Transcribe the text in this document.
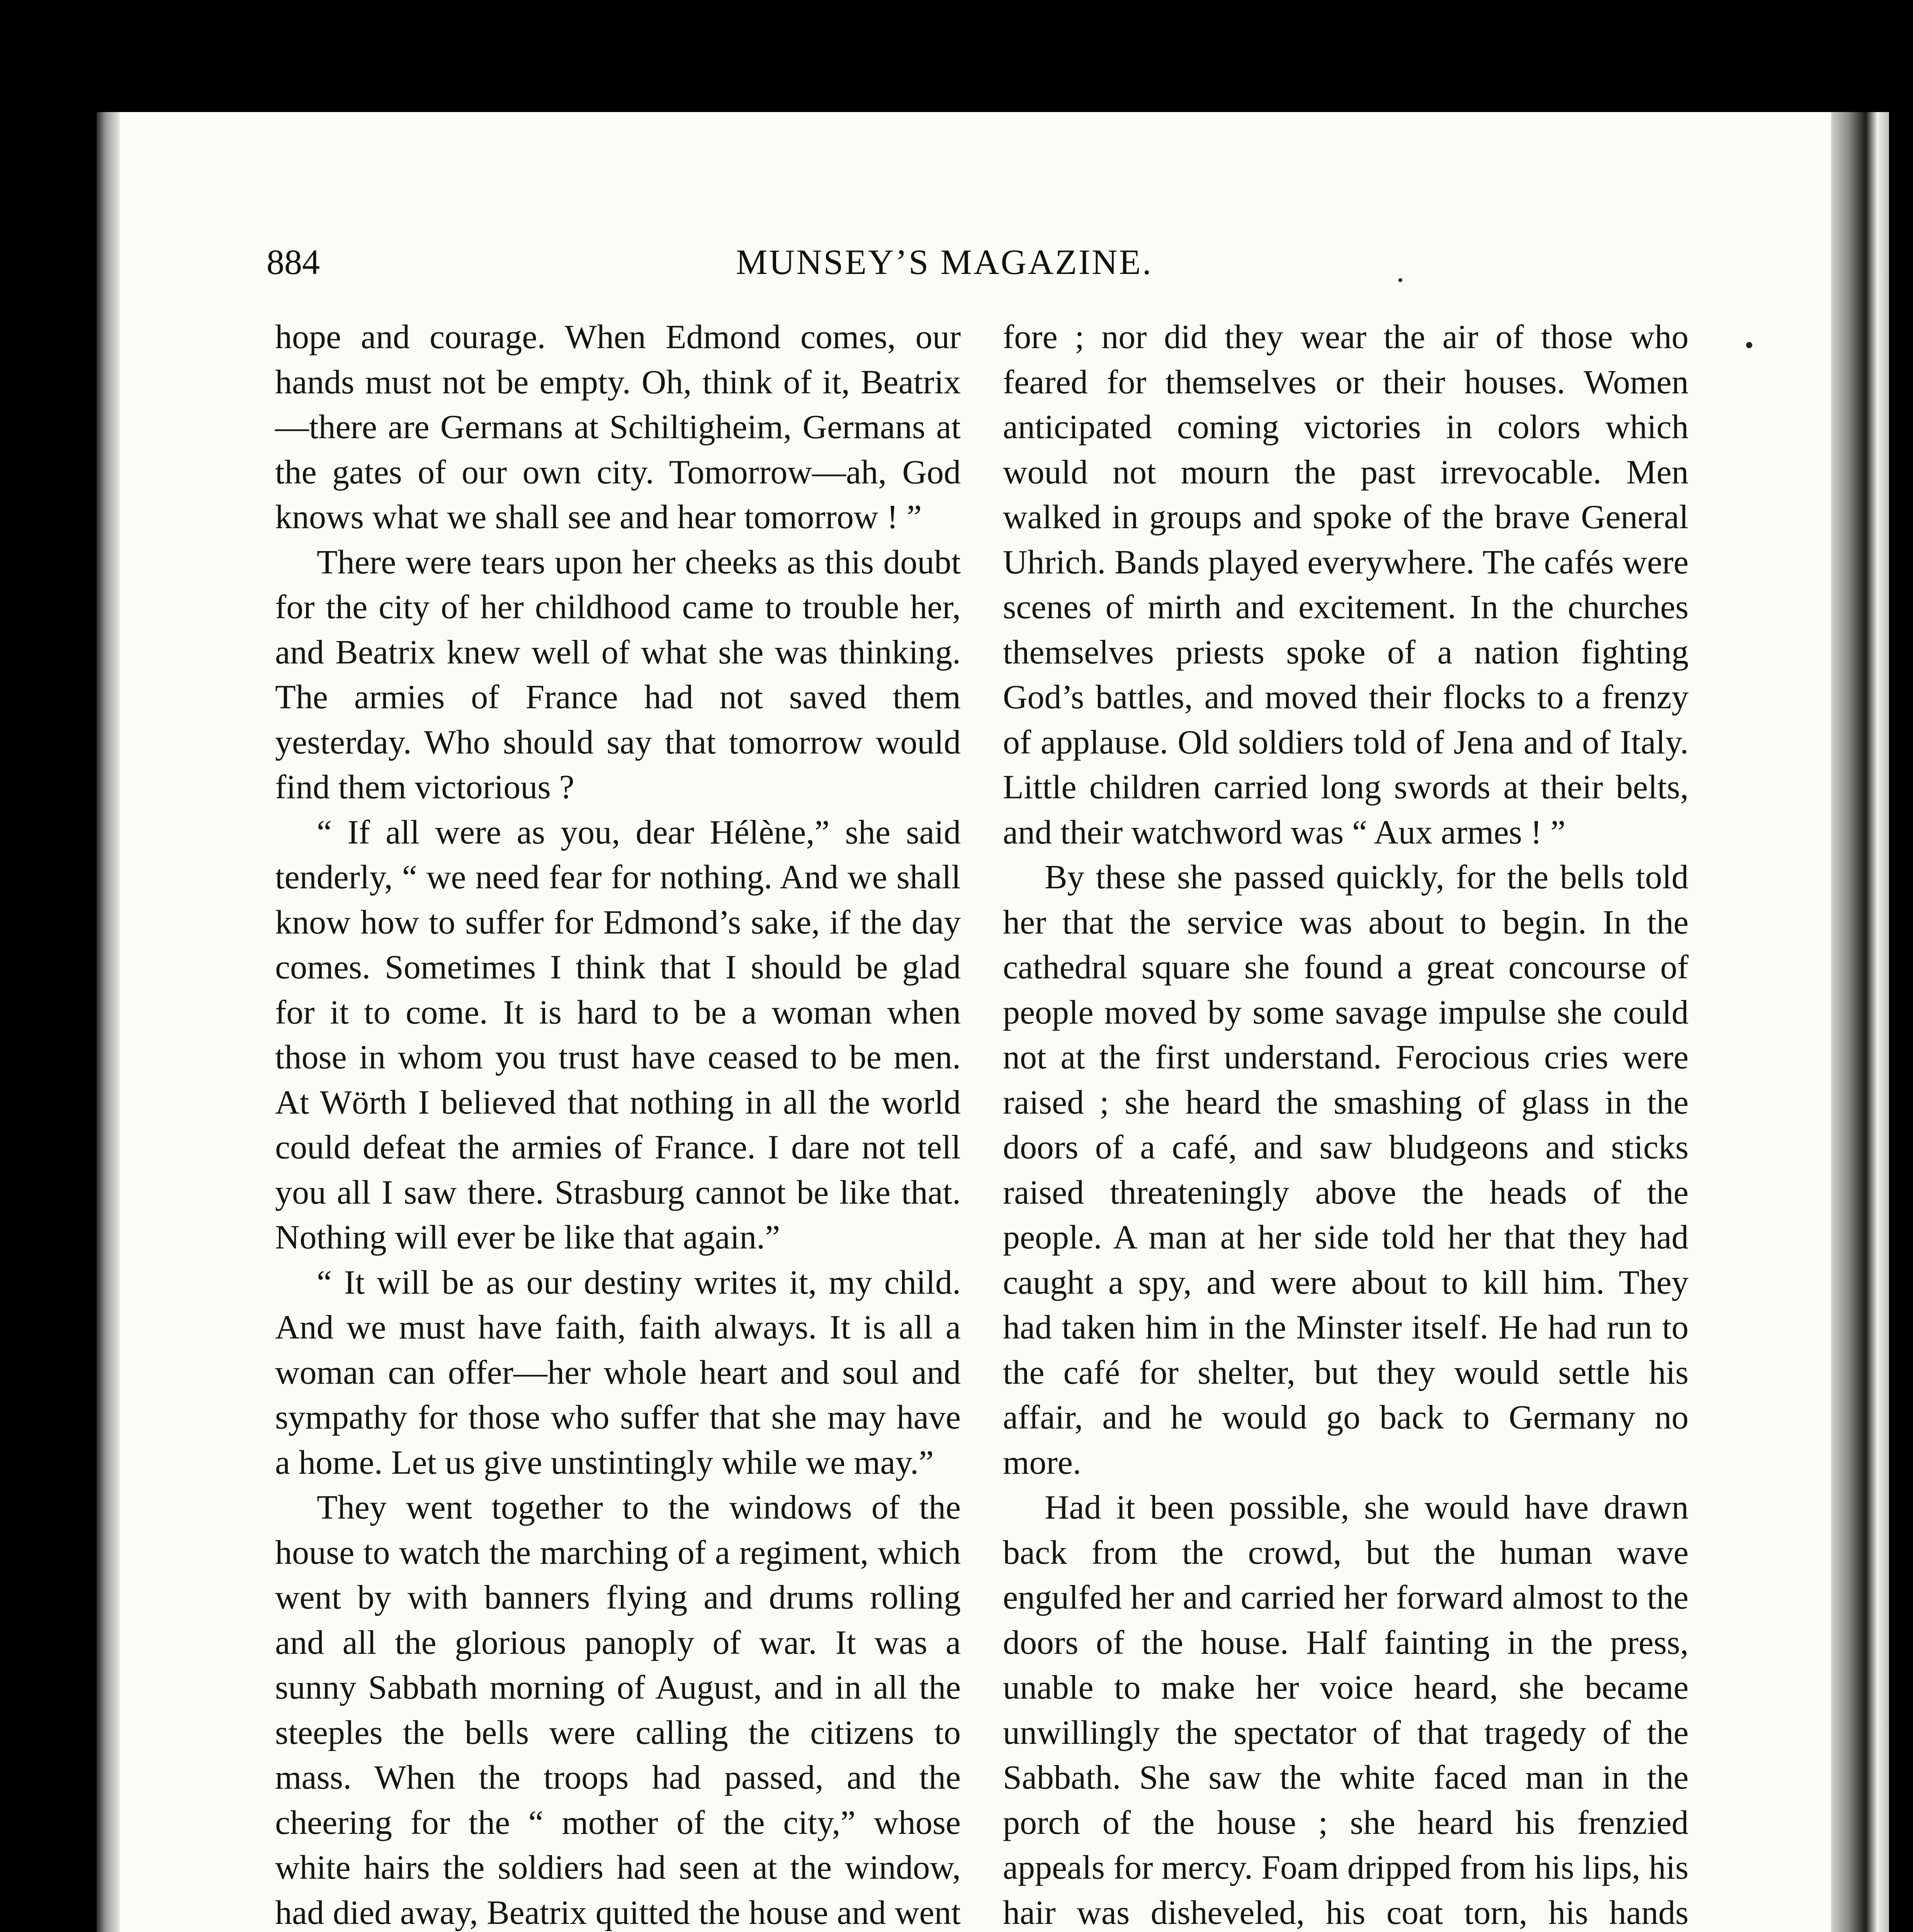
884	MUNSEY’S MAGAZINE.

hope and courage. When Edmond comes, our hands must not be empty. Oh, think of it, Beatrix—there are Germans at Schiltigheim, Germans at the gates of our own city. Tomorrow—ah, God knows what we shall see and hear tomorrow ! ”

There were tears upon her cheeks as this doubt for the city of her childhood came to trouble her, and Beatrix knew well of what she was thinking. The armies of France had not saved them yesterday. Who should say that tomorrow would find them victorious ?

“ If all were as you, dear Hélène,” she said tenderly, “ we need fear for nothing. And we shall know how to suffer for Edmond’s sake, if the day comes. Sometimes I think that I should be glad for it to come. It is hard to be a woman when those in whom you trust have ceased to be men. At Wörth I believed that nothing in all the world could defeat the armies of France. I dare not tell you all I saw there. Strasburg cannot be like that. Nothing will ever be like that again.”

“ It will be as our destiny writes it, my child. And we must have faith, faith always. It is all a woman can offer—her whole heart and soul and sympathy for those who suffer that she may have a home. Let us give unstintingly while we may.”

They went together to the windows of the house to watch the marching of a regiment, which went by with banners flying and drums rolling and all the glorious panoply of war. It was a sunny Sabbath morning of August, and in all the steeples the bells were calling the citizens to mass. When the troops had passed, and the cheering for the “ mother of the city,” whose white hairs the soldiers had seen at the window, had died away, Beatrix quitted the house and went

fore ; nor did they wear the air of those who feared for themselves or their houses. Women anticipated coming victories in colors which would not mourn the past irrevocable. Men walked in groups and spoke of the brave General Uhrich. Bands played everywhere. The cafés were scenes of mirth and excitement. In the churches themselves priests spoke of a nation fighting God’s battles, and moved their flocks to a frenzy of applause. Old soldiers told of Jena and of Italy. Little children carried long swords at their belts, and their watchword was “ Aux armes ! ”

By these she passed quickly, for the bells told her that the service was about to begin. In the cathedral square she found a great concourse of people moved by some savage impulse she could not at the first understand. Ferocious cries were raised ; she heard the smashing of glass in the doors of a café, and saw bludgeons and sticks raised threateningly above the heads of the people. A man at her side told her that they had caught a spy, and were about to kill him. They had taken him in the Minster itself. He had run to the café for shelter, but they would settle his affair, and he would go back to Germany no more.

Had it been possible, she would have drawn back from the crowd, but the human wave engulfed her and carried her forward almost to the doors of the house. Half fainting in the press, unable to make her voice heard, she became unwillingly the spectator of that tragedy of the Sabbath. She saw the white faced man in the porch of the house ; she heard his frenzied appeals for mercy. Foam dripped from his lips, his hair was disheveled, his coat torn, his hands
